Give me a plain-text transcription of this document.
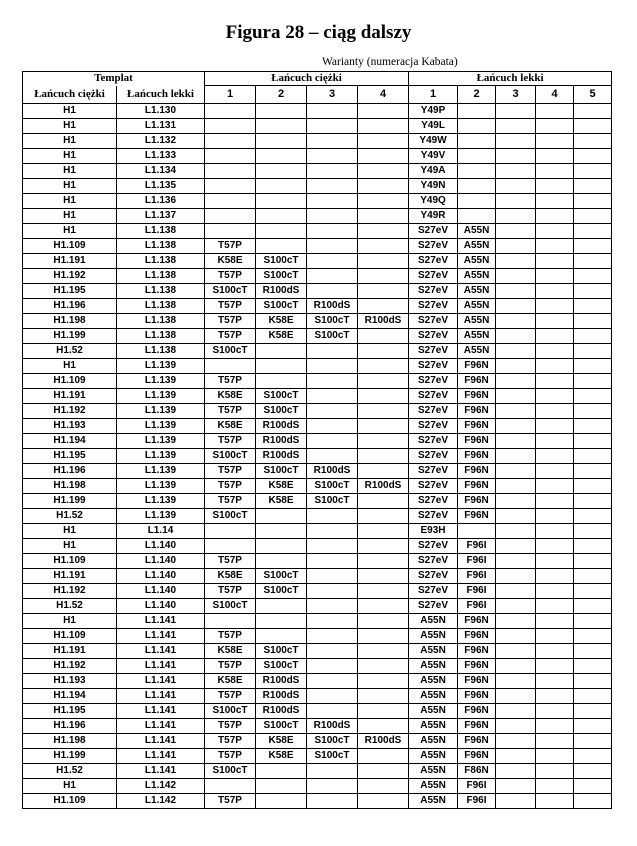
Figura 28 – ciąg dalszy
Warianty (numeracja Kabata)
Templat		Łańcuch ciężki				Łańcuch lekki				
Łańcuch ciężki	Łańcuch lekki	1	2	3	4	1	2	3	4	5
H1	L1.130					Y49P				
H1	L1.131					Y49L				
H1	L1.132					Y49W				
H1	L1.133					Y49V				
H1	L1.134					Y49A				
H1	L1.135					Y49N				
H1	L1.136					Y49Q				
H1	L1.137					Y49R				
H1	L1.138					S27eV	A55N			
H1.109	L1.138	T57P				S27eV	A55N			
H1.191	L1.138	K58E	S100cT			S27eV	A55N			
H1.192	L1.138	T57P	S100cT			S27eV	A55N			
H1.195	L1.138	S100cT	R100dS			S27eV	A55N			
H1.196	L1.138	T57P	S100cT	R100dS		S27eV	A55N			
H1.198	L1.138	T57P	K58E	S100cT	R100dS	S27eV	A55N			
H1.199	L1.138	T57P	K58E	S100cT		S27eV	A55N			
H1.52	L1.138	S100cT				S27eV	A55N			
H1	L1.139					S27eV	F96N			
H1.109	L1.139	T57P				S27eV	F96N			
H1.191	L1.139	K58E	S100cT			S27eV	F96N			
H1.192	L1.139	T57P	S100cT			S27eV	F96N			
H1.193	L1.139	K58E	R100dS			S27eV	F96N			
H1.194	L1.139	T57P	R100dS			S27eV	F96N			
H1.195	L1.139	S100cT	R100dS			S27eV	F96N			
H1.196	L1.139	T57P	S100cT	R100dS		S27eV	F96N			
H1.198	L1.139	T57P	K58E	S100cT	R100dS	S27eV	F96N			
H1.199	L1.139	T57P	K58E	S100cT		S27eV	F96N			
H1.52	L1.139	S100cT				S27eV	F96N			
H1	L1.14					E93H				
H1	L1.140					S27eV	F96I			
H1.109	L1.140	T57P				S27eV	F96I			
H1.191	L1.140	K58E	S100cT			S27eV	F96I			
H1.192	L1.140	T57P	S100cT			S27eV	F96I			
H1.52	L1.140	S100cT				S27eV	F96I			
H1	L1.141					A55N	F96N			
H1.109	L1.141	T57P				A55N	F96N			
H1.191	L1.141	K58E	S100cT			A55N	F96N			
H1.192	L1.141	T57P	S100cT			A55N	F96N			
H1.193	L1.141	K58E	R100dS			A55N	F96N			
H1.194	L1.141	T57P	R100dS			A55N	F96N			
H1.195	L1.141	S100cT	R100dS			A55N	F96N			
H1.196	L1.141	T57P	S100cT	R100dS		A55N	F96N			
H1.198	L1.141	T57P	K58E	S100cT	R100dS	A55N	F96N			
H1.199	L1.141	T57P	K58E	S100cT		A55N	F96N			
H1.52	L1.141	S100cT				A55N	F86N			
H1	L1.142					A55N	F96I			
H1.109	L1.142	T57P				A55N	F96I			
